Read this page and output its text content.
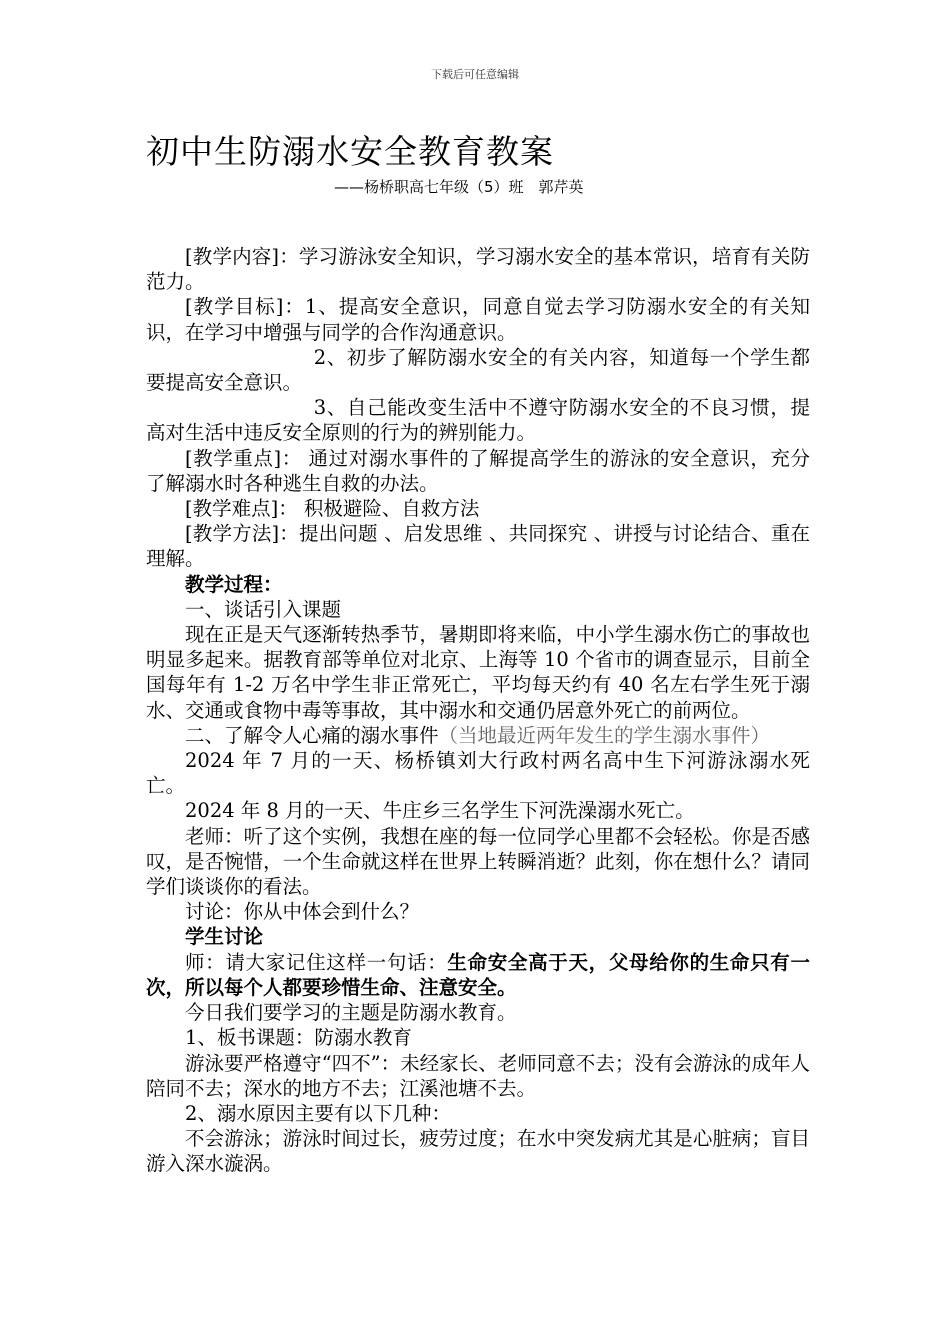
下载后可任意编辑
初中生防溺水安全教育教案
——杨桥职高七年级（5）班　郭芹英

[教学内容]：学习游泳安全知识，学习溺水安全的基本常识，培育有关防范力。

[教学目标]：1、提高安全意识，同意自觉去学习防溺水安全的有关知识，在学习中增强与同学的合作沟通意识。

2、初步了解防溺水安全的有关内容，知道每一个学生都要提高安全意识。

3、自己能改变生活中不遵守防溺水安全的不良习惯，提高对生活中违反安全原则的行为的辨别能力。

[教学重点]： 通过对溺水事件的了解提高学生的游泳的安全意识，充分了解溺水时各种逃生自救的办法。

[教学难点]： 积极避险、自救方法

[教学方法]：提出问题 、启发思维 、共同探究 、讲授与讨论结合、重在理解。

教学过程：

一、谈话引入课题

现在正是天气逐渐转热季节，暑期即将来临，中小学生溺水伤亡的事故也明显多起来。据教育部等单位对北京、上海等 10 个省市的调查显示，目前全国每年有 1-2 万名中学生非正常死亡，平均每天约有 40 名左右学生死于溺水、交通或食物中毒等事故，其中溺水和交通仍居意外死亡的前两位。

二、了解令人心痛的溺水事件（当地最近两年发生的学生溺水事件）

2024 年 7 月的一天、杨桥镇刘大行政村两名高中生下河游泳溺水死亡。

2024 年 8 月的一天、牛庄乡三名学生下河洗澡溺水死亡。

老师：听了这个实例，我想在座的每一位同学心里都不会轻松。你是否感叹，是否惋惜，一个生命就这样在世界上转瞬消逝？此刻，你在想什么？请同学们谈谈你的看法。

讨论：你从中体会到什么？

学生讨论

师：请大家记住这样一句话：生命安全高于天，父母给你的生命只有一次，所以每个人都要珍惜生命、注意安全。

今日我们要学习的主题是防溺水教育。

1、板书课题：防溺水教育

游泳要严格遵守“四不”：未经家长、老师同意不去；没有会游泳的成年人陪同不去；深水的地方不去；江溪池塘不去。

2、溺水原因主要有以下几种：

不会游泳；游泳时间过长，疲劳过度；在水中突发病尤其是心脏病；盲目游入深水漩涡。
